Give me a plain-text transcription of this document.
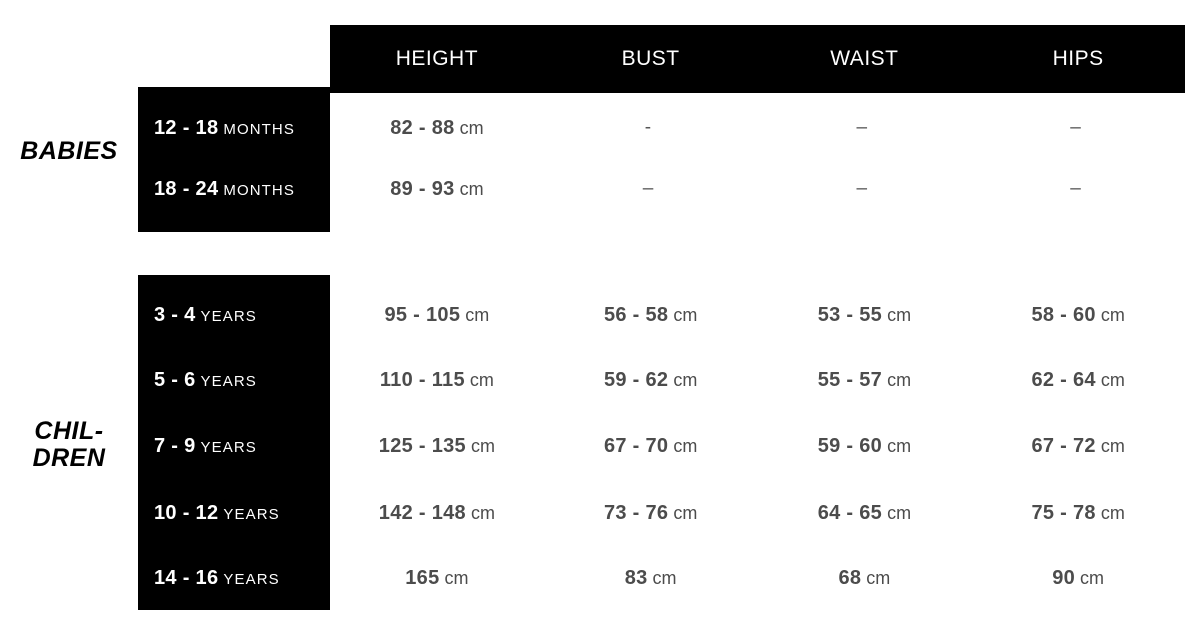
HEIGHT	BUST	WAIST	HIPS
BABIES
CHIL-
DREN
12 - 18 MONTHS	82 - 88 cm	-	–	–
18 - 24 MONTHS	89 - 93 cm	–	–	–
3 - 4 YEARS	95 - 105 cm	56 - 58 cm	53 - 55 cm	58 - 60 cm
5 - 6 YEARS	110 - 115 cm	59 - 62 cm	55 - 57 cm	62 - 64 cm
7 - 9 YEARS	125 - 135 cm	67 - 70 cm	59 - 60 cm	67 - 72 cm
10 - 12 YEARS	142 - 148 cm	73 - 76 cm	64 - 65 cm	75 - 78 cm
14 - 16 YEARS	165 cm	83 cm	68 cm	90 cm
